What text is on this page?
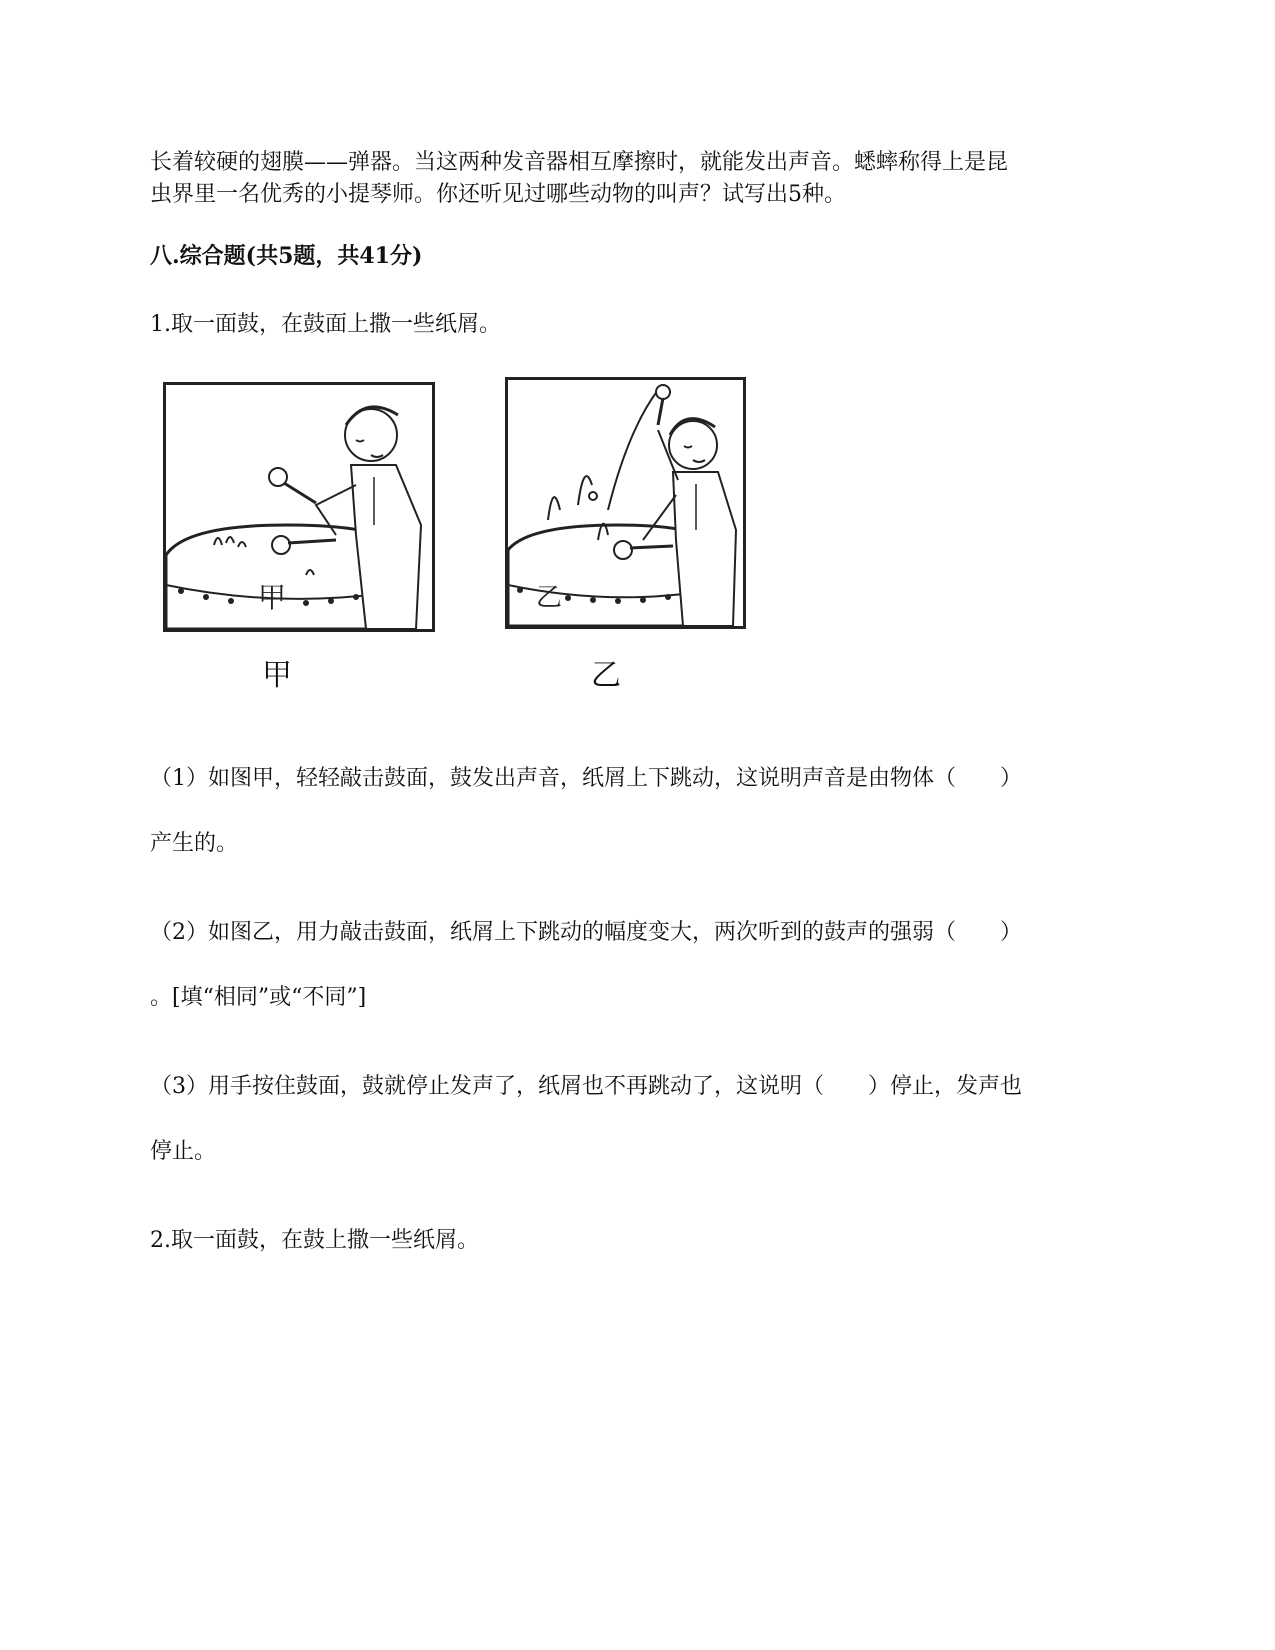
长着较硬的翅膜——弹器。当这两种发音器相互摩擦时，就能发出声音。蟋蟀称得上是昆
虫界里一名优秀的小提琴师。你还听见过哪些动物的叫声？试写出5种。
八.综合题(共5题，共41分)
1.取一面鼓，在鼓面上撒一些纸屑。
甲
甲
乙
乙
（1）如图甲，轻轻敲击鼓面，鼓发出声音，纸屑上下跳动，这说明声音是由物体（　　）
产生的。
（2）如图乙，用力敲击鼓面，纸屑上下跳动的幅度变大，两次听到的鼓声的强弱（　　）
。[填“相同”或“不同”]
（3）用手按住鼓面，鼓就停止发声了，纸屑也不再跳动了，这说明（　　）停止，发声也
停止。
2.取一面鼓，在鼓上撒一些纸屑。
